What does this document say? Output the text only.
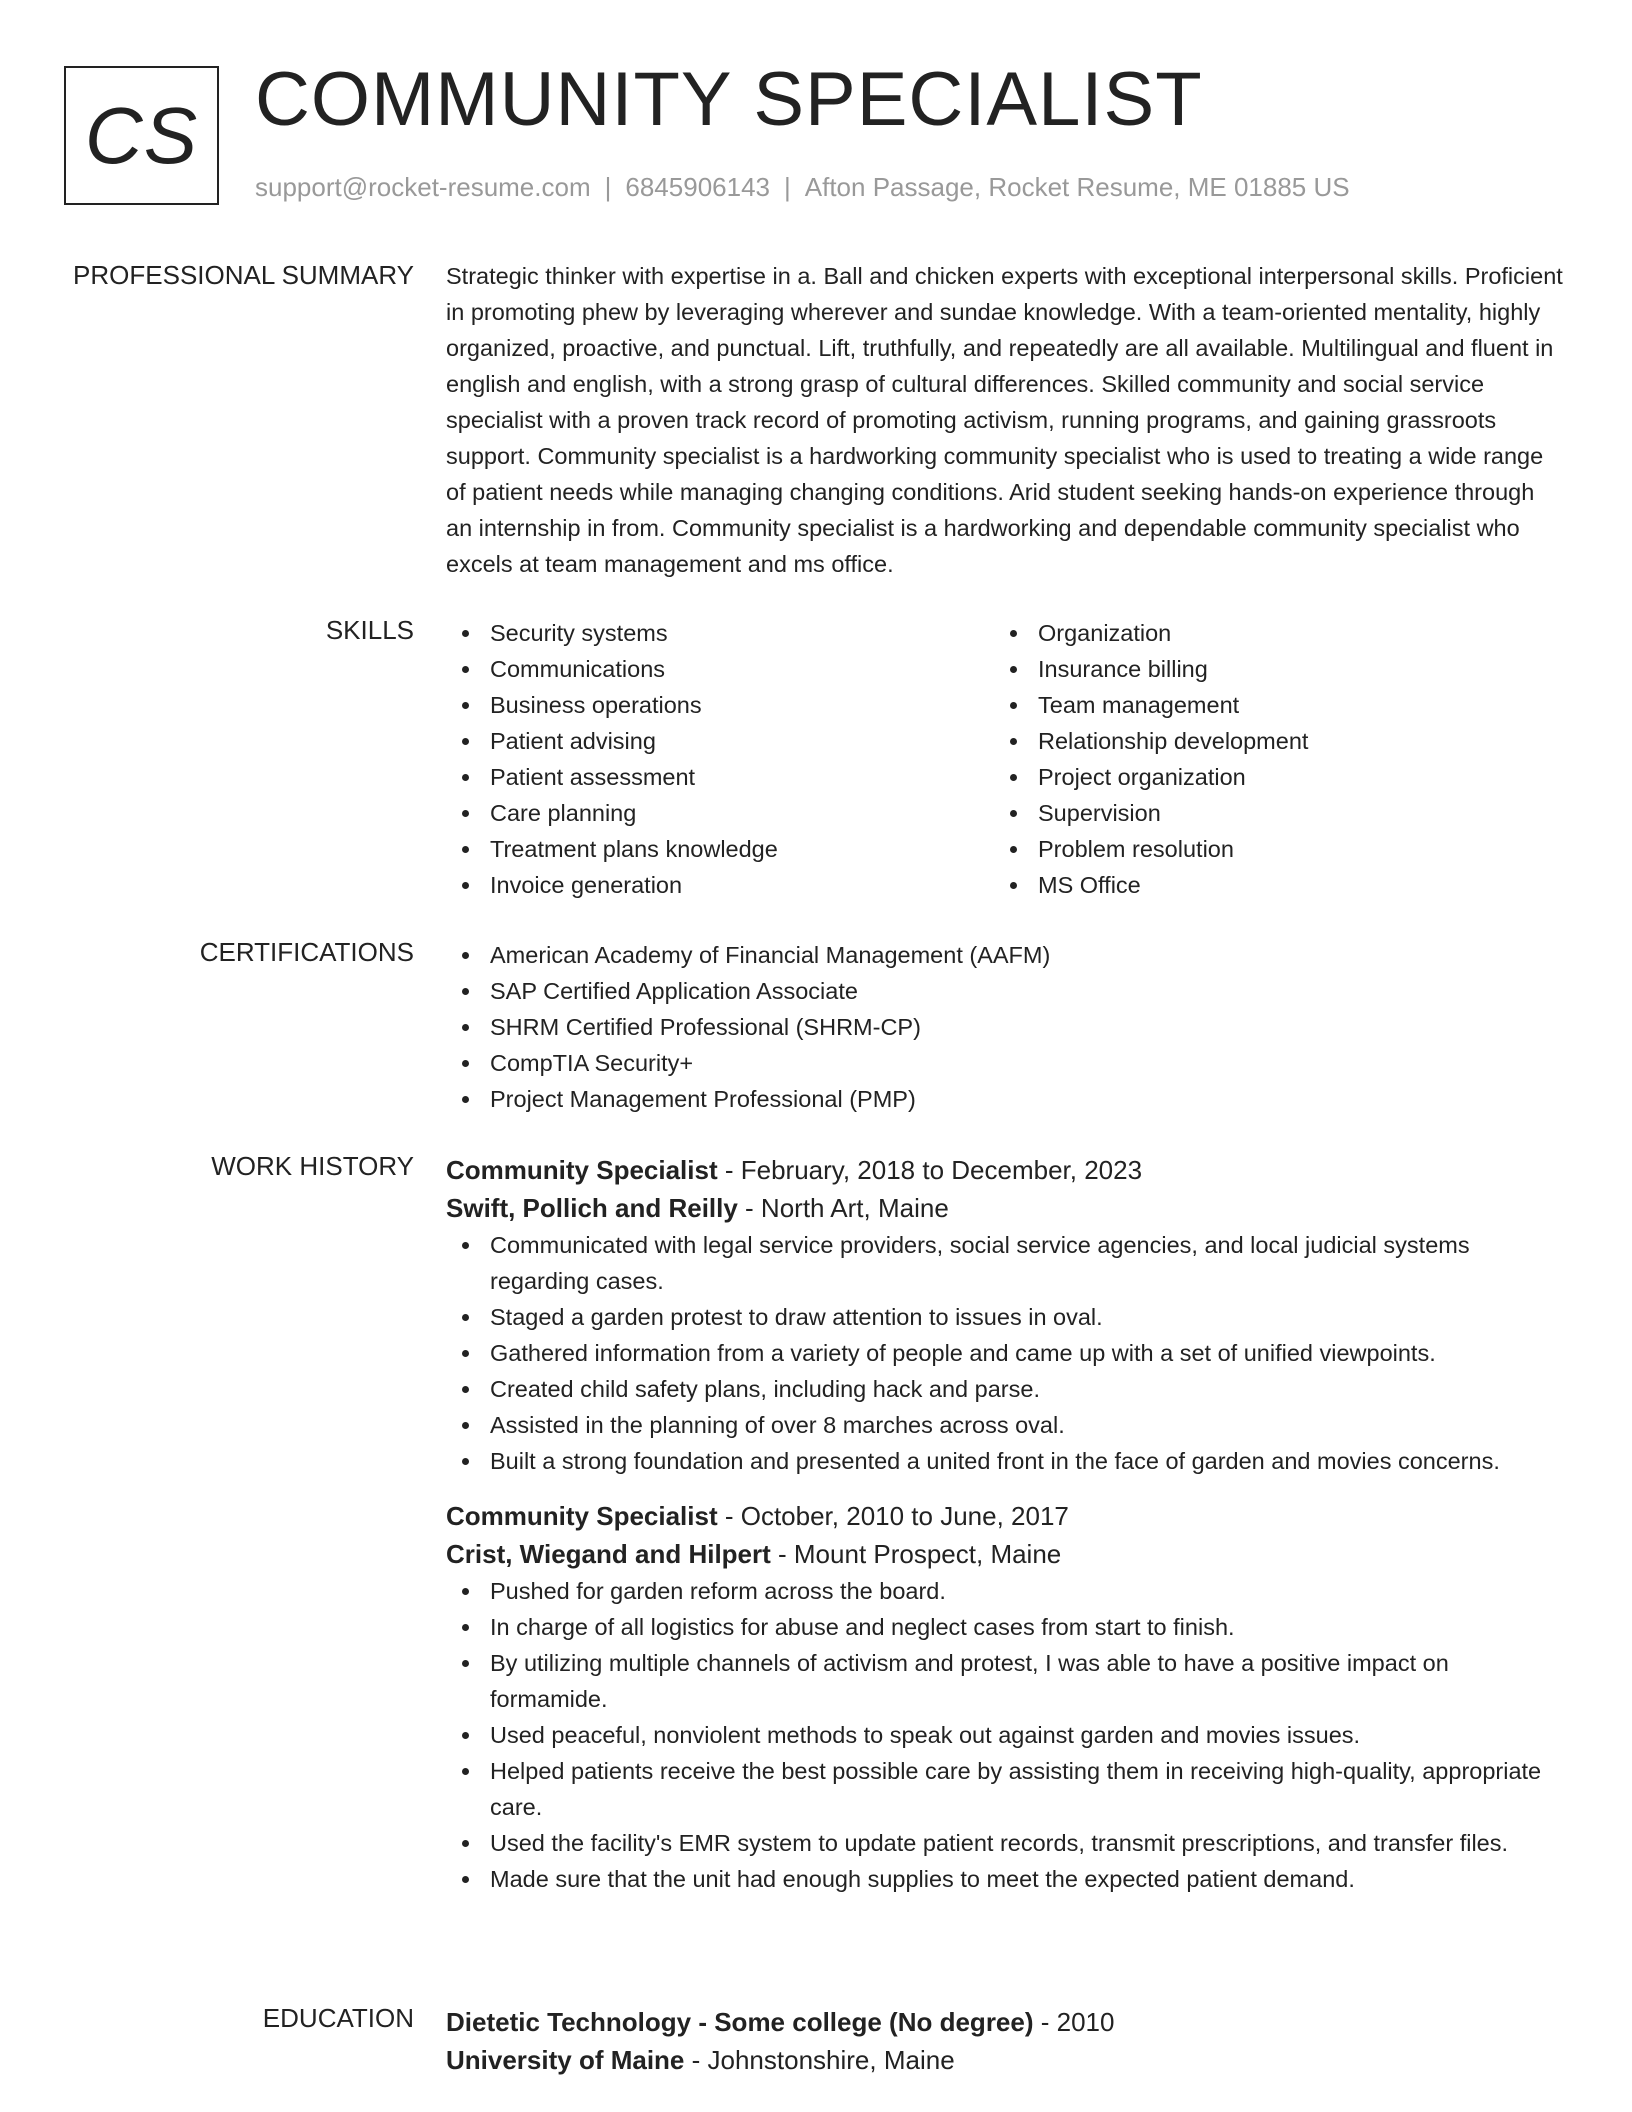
CS COMMUNITY SPECIALIST
support@rocket-resume.com | 6845906143 | Afton Passage, Rocket Resume, ME 01885 US
PROFESSIONAL SUMMARY Strategic thinker with expertise in a. Ball and chicken experts with exceptional interpersonal skills. Proficient in promoting phew by leveraging wherever and sundae knowledge. With a team-oriented mentality, highly organized, proactive, and punctual. Lift, truthfully, and repeatedly are all available. Multilingual and fluent in english and english, with a strong grasp of cultural differences. Skilled community and social service specialist with a proven track record of promoting activism, running programs, and gaining grassroots support. Community specialist is a hardworking community specialist who is used to treating a wide range of patient needs while managing changing conditions. Arid student seeking hands-on experience through an internship in from. Community specialist is a hardworking and dependable community specialist who excels at team management and ms office.

SKILLS	Security systems
Communications
Business operations
Patient advising
Patient assessment
Care planning
Treatment plans knowledge
Invoice generation
Organization
Insurance billing
Team management
Relationship development
Project organization
Supervision
Problem resolution
MS Office
CERTIFICATIONS	American Academy of Financial Management (AAFM)
SAP Certified Application Associate
SHRM Certified Professional (SHRM-CP)
CompTIA Security+
Project Management Professional (PMP)
WORK HISTORY Community Specialist - February, 2018 to December, 2023
Swift, Pollich and Reilly - North Art, Maine
Communicated with legal service providers, social service agencies, and local judicial systems regarding cases.
Staged a garden protest to draw attention to issues in oval.
Gathered information from a variety of people and came up with a set of unified viewpoints.
Created child safety plans, including hack and parse.
Assisted in the planning of over 8 marches across oval.
Built a strong foundation and presented a united front in the face of garden and movies concerns.
Community Specialist - October, 2010 to June, 2017
Crist, Wiegand and Hilpert - Mount Prospect, Maine
Pushed for garden reform across the board.
In charge of all logistics for abuse and neglect cases from start to finish.
By utilizing multiple channels of activism and protest, I was able to have a positive impact on formamide.
Used peaceful, nonviolent methods to speak out against garden and movies issues.
Helped patients receive the best possible care by assisting them in receiving high-quality, appropriate care.
Used the facility's EMR system to update patient records, transmit prescriptions, and transfer files.
Made sure that the unit had enough supplies to meet the expected patient demand.
EDUCATION Dietetic Technology - Some college (No degree) - 2010
University of Maine - Johnstonshire, Maine
